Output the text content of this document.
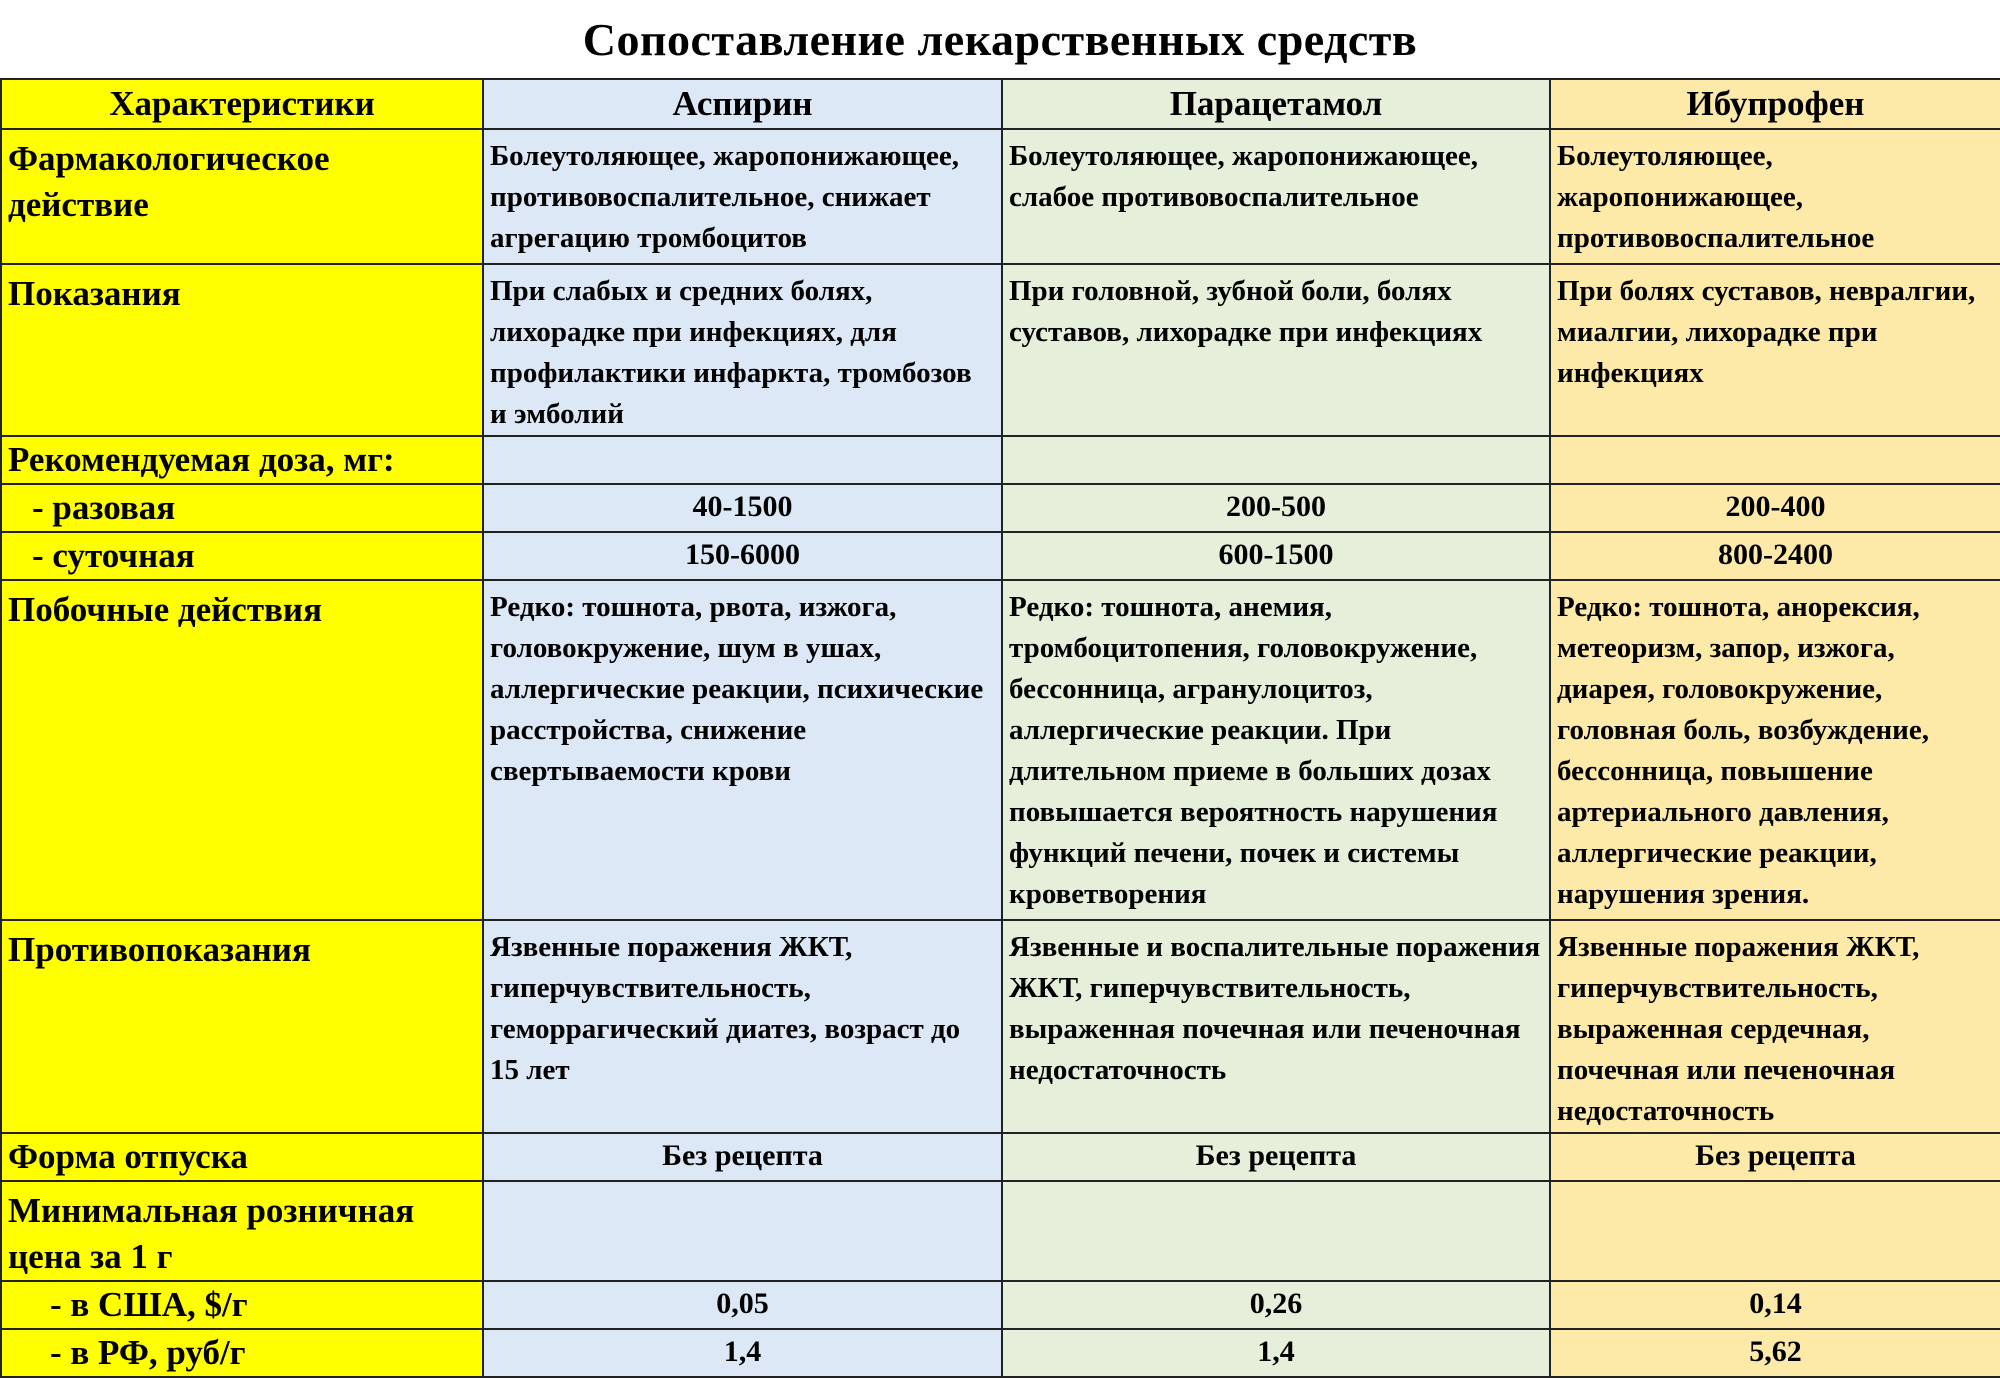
Сопоставление лекарственных средств
Характеристики	Аспирин	Парацетамол	Ибупрофен
Фармакологическое действие	Болеутоляющее, жаропонижающее, противовоспалительное, снижает агрегацию тромбоцитов	Болеутоляющее, жаропонижающее, слабое противовоспалительное	Болеутоляющее, жаропонижающее, противовоспалительное
Показания	При слабых и средних болях, лихорадке при инфекциях, для профилактики инфаркта, тромбозов и эмболий	При головной, зубной боли, болях суставов, лихорадке при инфекциях	При болях суставов, невралгии, миалгии, лихорадке при инфекциях
Рекомендуемая доза, мг:			
- разовая	40-1500	200-500	200-400
- суточная	150-6000	600-1500	800-2400
Побочные действия	Редко: тошнота, рвота, изжога, головокружение, шум в ушах, аллергические реакции, психические расстройства, снижение свертываемости крови	Редко: тошнота, анемия, тромбоцитопения, головокружение, бессонница, агранулоцитоз, аллергические реакции. При длительном приеме в больших дозах повышается вероятность нарушения функций печени, почек и системы кроветворения	Редко: тошнота, анорексия, метеоризм, запор, изжога, диарея, головокружение, головная боль, возбуждение, бессонница, повышение артериального давления, аллергические реакции, нарушения зрения.
Противопоказания	Язвенные поражения ЖКТ, гиперчувствительность, геморрагический диатез, возраст до 15 лет	Язвенные и воспалительные поражения ЖКТ, гиперчувствительность, выраженная почечная или печеночная недостаточность	Язвенные поражения ЖКТ, гиперчувствительность, выраженная сердечная, почечная или печеночная недостаточность
Форма отпуска	Без рецепта	Без рецепта	Без рецепта
Минимальная розничная цена за 1 г			
- в США, $/г	0,05	0,26	0,14
- в РФ, руб/г	1,4	1,4	5,62
